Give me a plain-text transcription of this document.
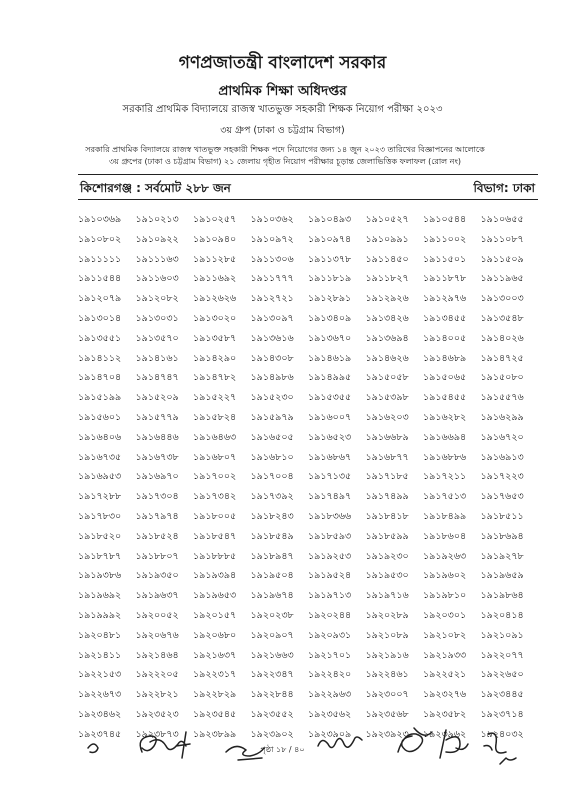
গণপ্রজাতন্ত্রী বাংলাদেশ সরকার
প্রাথমিক শিক্ষা অধিদপ্তর
সরকারি প্রাথমিক বিদ্যালয়ে রাজস্ব খাতভুক্ত সহকারী শিক্ষক নিয়োগ পরীক্ষা ২০২৩
৩য় গ্রুপ (ঢাকা ও চট্টগ্রাম বিভাগ)
সরকারি প্রাথমিক বিদ্যালয়ে রাজস্ব খাতভুক্ত সহকারী শিক্ষক পদে নিয়োগের জন্য ১৪ জুন ২০২৩ তারিখের বিজ্ঞাপনের আলোকে
৩য় গ্রুপের (ঢাকা ও চট্টগ্রাম বিভাগ) ২১ জেলায় গৃহীত নিয়োগ পরীক্ষার চূড়ান্ত জেলাভিত্তিক ফলাফল (রোল নং)
কিশোরগঞ্জ : সর্বমোট ২৮৮ জন	বিভাগ: ঢাকা
১৯১০৩৬৯	১৯১০২১৩	১৯১০২৫৭	১৯১০৩৬২	১৯১০৪৯৩	১৯১০৫২৭	১৯১০৫৪৪	১৯১০৬৫৫
১৯১০৮০২	১৯১০৯২২	১৯১০৯৪০	১৯১০৯৭২	১৯১০৯৭৪	১৯১০৯৯১	১৯১১০০২	১৯১১০৮৭
১৯১১১১১	১৯১১১৬৩	১৯১১২৮৫	১৯১১৩০৬	১৯১১৩৭৮	১৯১১৪৫০	১৯১১৫০১	১৯১১৫০৯
১৯১১৫৪৪	১৯১১৬০৩	১৯১১৬৯২	১৯১১৭৭৭	১৯১১৮১৯	১৯১১৮২৭	১৯১১৮৭৮	১৯১১৯৬৫
১৯১২০৭৯	১৯১২০৮২	১৯১২৬২৬	১৯১২৭২১	১৯১২৮৯১	১৯১২৯২৬	১৯১২৯৭৬	১৯১৩০০৩
১৯১৩০১৪	১৯১৩০৩১	১৯১৩০২০	১৯১৩০৯৭	১৯১৩৪০৯	১৯১৩৪২৬	১৯১৩৪৫৫	১৯১৩৫৪৮
১৯১৩৫৫১	১৯১৩৫৭০	১৯১৩৫৮৭	১৯১৩৬১৬	১৯১৩৬৭০	১৯১৩৬৯৪	১৯১৪০০৫	১৯১৪০২৬
১৯১৪১১২	১৯১৪১৬১	১৯১৪২৯০	১৯১৪৩০৮	১৯১৪৬১৯	১৯১৪৬২৬	১৯১৪৬৮৯	১৯১৪৭২৫
১৯১৪৭০৪	১৯১৪৭৪৭	১৯১৪৭৮২	১৯১৪৯৮৬	১৯১৪৯৯৫	১৯১৫০৫৮	১৯১৫০৬৫	১৯১৫০৮০
১৯১৫১৯৯	১৯১৫২০৯	১৯১৫২২৭	১৯১৫২৩০	১৯১৫৩৫৫	১৯১৫৩৯৮	১৯১৫৪৫৫	১৯১৫৫৭৬
১৯১৫৬০১	১৯১৫৭৭৯	১৯১৫৮২৪	১৯১৫৯৭৯	১৯১৬০০৭	১৯১৬২০৩	১৯১৬২৮২	১৯১৬২৯৯
১৯১৬৪০৬	১৯১৬৪৪৬	১৯১৬৪৬৩	১৯১৬৫০৫	১৯১৬৫২৩	১৯১৬৬৮৯	১৯১৬৬৯৪	১৯১৬৭২০
১৯১৬৭৩৫	১৯১৬৭৩৮	১৯১৬৮০৭	১৯১৬৮১০	১৯১৬৮৬৭	১৯১৬৮৭৭	১৯১৬৮৮৬	১৯১৬৯১৩
১৯১৬৯৫৩	১৯১৬৯৭০	১৯১৭০০২	১৯১৭০০৪	১৯১৭১৩৫	১৯১৭১৮৫	১৯১৭২১১	১৯১৭২২৩
১৯১৭২৮৮	১৯১৭৩০৪	১৯১৭৩৪২	১৯১৭৩৯২	১৯১৭৪৯৭	১৯১৭৪৯৯	১৯১৭৫১৩	১৯১৭৬৫৩
১৯১৭৮৩০	১৯১৭৯৭৪	১৯১৮০০৫	১৯১৮২৪৩	১৯১৮৩৬৬	১৯১৮৪১৮	১৯১৮৪৯৯	১৯১৮৫১১
১৯১৮৫২০	১৯১৮৫২৪	১৯১৮৫৪৭	১৯১৮৫৪৯	১৯১৮৫৯৩	১৯১৮৫৯৯	১৯১৮৬০৪	১৯১৮৬৯৪
১৯১৮৭৮৭	১৯১৮৮০৭	১৯১৮৮৮৫	১৯১৮৯৪৭	১৯১৯২৫৩	১৯১৯২৩০	১৯১৯২৬৩	১৯১৯২৭৮
১৯১৯৩৮৬	১৯১৯৩৫০	১৯১৯৩৯৪	১৯১৯৫০৪	১৯১৯৫২৪	১৯১৯৫৩০	১৯১৯৬০২	১৯১৯৬৫৯
১৯১৯৬৯২	১৯১৯৬৩৭	১৯১৯৬৫৩	১৯১৯৬৭৪	১৯১৯৭১৩	১৯১৯৭১৬	১৯১৯৮১০	১৯১৯৮৬৪
১৯১৯৯৯২	১৯২০০৫২	১৯২০১৫৭	১৯২০২৩৮	১৯২০২৪৪	১৯২০২৮৯	১৯২০৩০১	১৯২০৪১৪
১৯২০৪৮১	১৯২০৬৭৬	১৯২০৬৮০	১৯২০৯০৭	১৯২০৯৩১	১৯২১০৮৯	১৯২১০৮২	১৯২১০৯১
১৯২১৪১১	১৯২১৪৬৪	১৯২১৬৩৭	১৯২১৬৬৩	১৯২১৭০১	১৯২১৯১৬	১৯২১৯৩৩	১৯২২০৭৭
১৯২২১৫৩	১৯২২২০৫	১৯২২৩১৭	১৯২২৩৪৭	১৯২২৪২০	১৯২২৪৬১	১৯২২৫২১	১৯২২৬৫০
১৯২২৬৭৩	১৯২২৮২১	১৯২২৮২৯	১৯২২৮৪৪	১৯২২৯৬৩	১৯২৩০০৭	১৯২৩২৭৬	১৯২৩৪৪৫
১৯২৩৪৬২	১৯২৩৫২৩	১৯২৩৫৪৫	১৯২৩৫৫২	১৯২৩৫৬২	১৯২৩৫৬৮	১৯২৩৫৮২	১৯২৩৭১৪
১৯২৩৭৪৫	১৯২৩৮৭৩	১৯২৩৮৯৯	১৯২৩৯০২	১৯২৩৯০৯	১৯২৩৯২৩	১৯২৩৯৬২	১৯২৪০৩২
পৃষ্ঠা ১৮ / ৪০
